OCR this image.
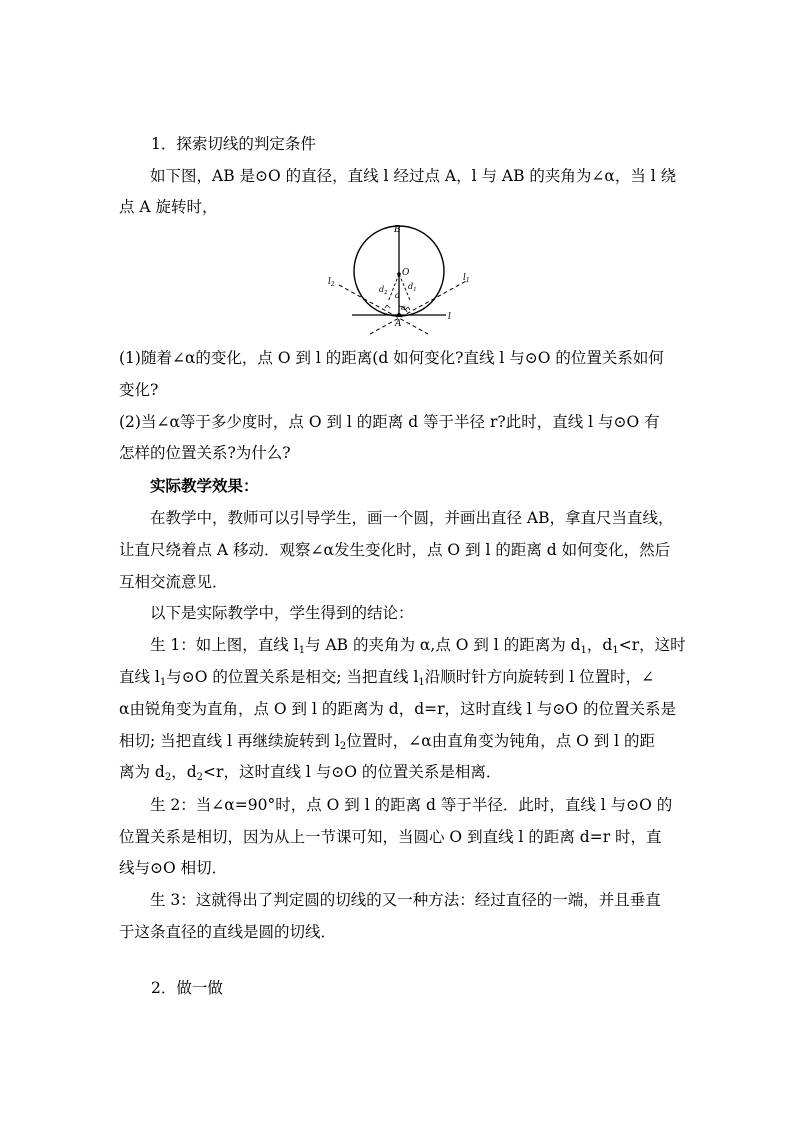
1．探索切线的判定条件
如下图，AB 是⊙O 的直径，直线 l 经过点 A，l 与 AB 的夹角为∠α，当 l 绕
点 A 旋转时，
B
O
A
l
$l_1$
$l_2$
d
$d_1$
$d_2$
α
(1)随着∠α的变化，点 O 到 l 的距离(d 如何变化?直线 l 与⊙O 的位置关系如何
变化?
(2)当∠α等于多少度时，点 O 到 l 的距离 d 等于半径 r?此时，直线 l 与⊙O 有
怎样的位置关系?为什么?
实际教学效果：
在教学中，教师可以引导学生，画一个圆，并画出直径 AB，拿直尺当直线，
让直尺绕着点 A 移动．观察∠α发生变化时，点 O 到 l 的距离 d 如何变化，然后
互相交流意见．
以下是实际教学中，学生得到的结论：
生 1：如上图，直线 $l_1$与 AB 的夹角为 α,点 O 到 l 的距离为 $d_1$，$d_1<r$，这时
直线 $l_1$与⊙O 的位置关系是相交; 当把直线 $l_1$沿顺时针方向旋转到 l 位置时，∠
α由锐角变为直角，点 O 到 l 的距离为 d，d=r，这时直线 l 与⊙O 的位置关系是
相切; 当把直线 l 再继续旋转到 $l_2$位置时，∠α由直角变为钝角，点 O 到 l 的距
离为 $d_2$，$d_2<r$，这时直线 l 与⊙O 的位置关系是相离．
生 2：当∠α=90°时，点 O 到 l 的距离 d 等于半径．此时，直线 l 与⊙O 的
位置关系是相切，因为从上一节课可知，当圆心 O 到直线 l 的距离 d=r 时，直
线与⊙O 相切．
生 3：这就得出了判定圆的切线的又一种方法：经过直径的一端，并且垂直
于这条直径的直线是圆的切线．
2．做一做
